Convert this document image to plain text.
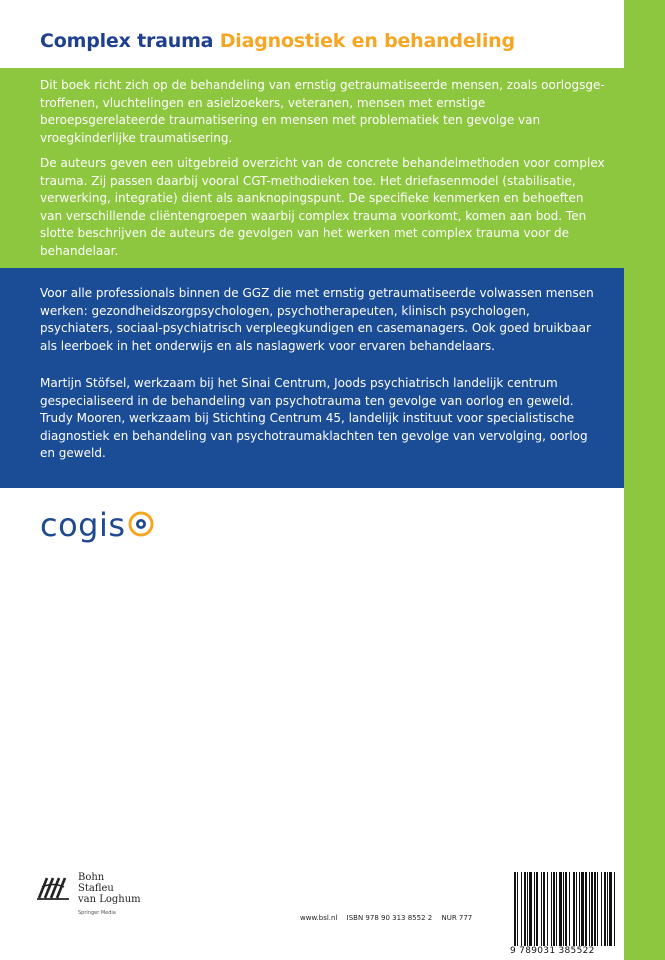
Complex trauma Diagnostiek en behandeling

Dit boek richt zich op de behandeling van ernstig getraumatiseerde mensen, zoals oorlogsge-troffenen, vluchtelingen en asielzoekers, veteranen, mensen met ernstige beroepsgerelateerde traumatisering en mensen met problematiek ten gevolge van vroegkinderlijke traumatisering.

De auteurs geven een uitgebreid overzicht van de concrete behandelmethoden voor complex trauma. Zij passen daarbij vooral CGT-methodieken toe. Het driefasenmodel (stabilisatie, verwerking, integratie) dient als aanknopingspunt. De specifieke kenmerken en behoeften van verschillende cliëntengroepen waarbij complex trauma voorkomt, komen aan bod. Ten slotte beschrijven de auteurs de gevolgen van het werken met complex trauma voor de behandelaar.

Voor alle professionals binnen de GGZ die met ernstig getraumatiseerde volwassen mensen werken: gezondheidszorgpsychologen, psychotherapeuten, klinisch psychologen, psychiaters, sociaal-psychiatrisch verpleegkundigen en casemanagers. Ook goed bruikbaar als leerboek in het onderwijs en als naslagwerk voor ervaren behandelaars.

Martijn Stöfsel, werkzaam bij het Sinai Centrum, Joods psychiatrisch landelijk centrum gespecialiseerd in de behandeling van psychotrauma ten gevolge van oorlog en geweld.
Trudy Mooren, werkzaam bij Stichting Centrum 45, landelijk instituut voor specialistische diagnostiek en behandeling van psychotraumaklachten ten gevolge van vervolging, oorlog en geweld.

cogis
Bohn
Stafleu
van Loghum
Springer Media
www.bsl.nl ISBN 978 90 313 8552 2 NUR 777
9 789031 385522
